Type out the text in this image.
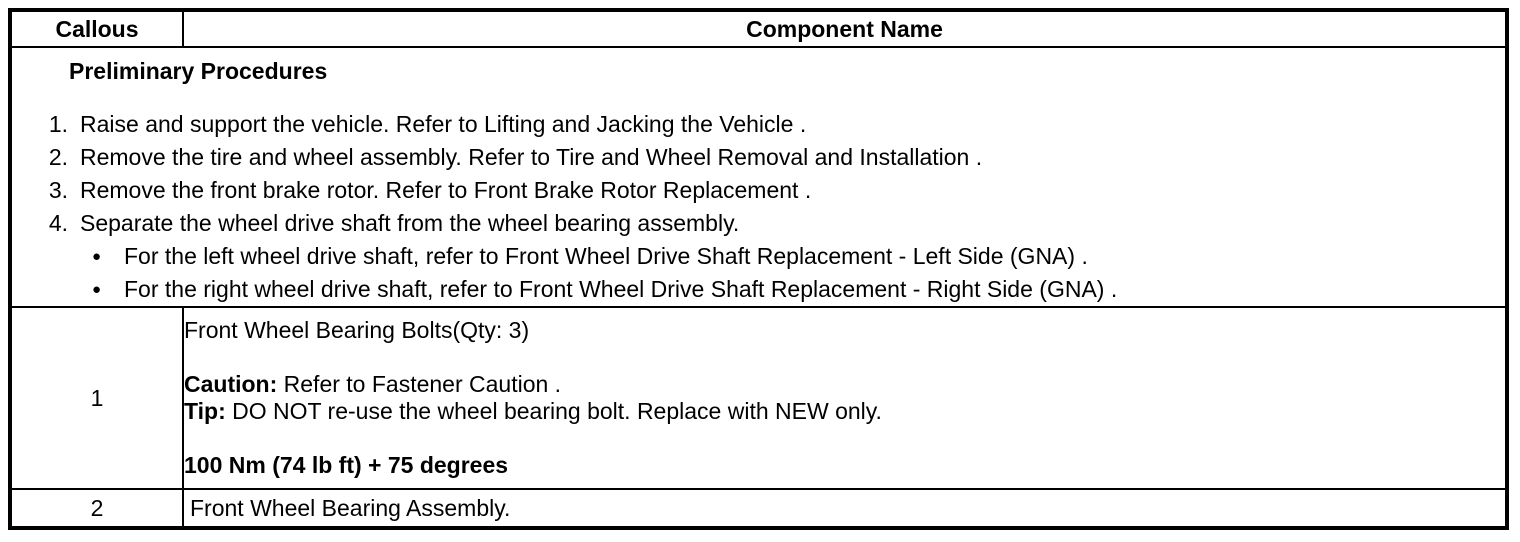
Callous	Component Name

Preliminary Procedures
1. Raise and support the vehicle. Refer to Lifting and Jacking the Vehicle .
2. Remove the tire and wheel assembly. Refer to Tire and Wheel Removal and Installation .
3. Remove the front brake rotor. Refer to Front Brake Rotor Replacement .
4. Separate the wheel drive shaft from the wheel bearing assembly.
● For the left wheel drive shaft, refer to Front Wheel Drive Shaft Replacement - Left Side (GNA) .
● For the right wheel drive shaft, refer to Front Wheel Drive Shaft Replacement - Right Side (GNA) .

1	Front Wheel Bearing Bolts(Qty: 3)
Caution: Refer to Fastener Caution .
Tip: DO NOT re-use the wheel bearing bolt. Replace with NEW only.
100 Nm (74 lb ft) + 75 degrees

2	Front Wheel Bearing Assembly.
